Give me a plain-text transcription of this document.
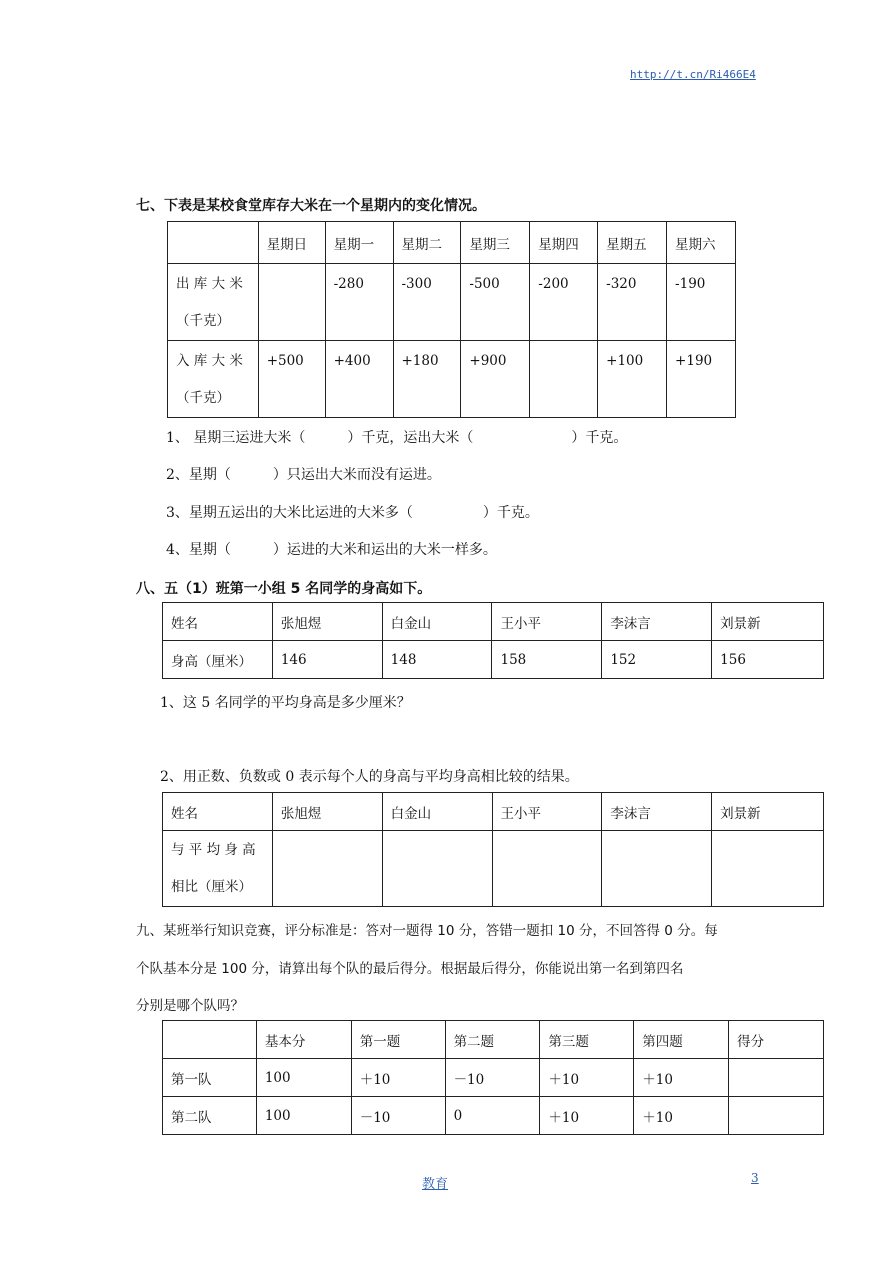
http://t.cn/Ri466E4
七、下表是某校食堂库存大米在一个星期内的变化情况。
	星期日	星期一	星期二	星期三	星期四	星期五	星期六

出 库 大 米
（千克）		-280	-300	-500	-200	-320	-190

入 库 大 米
（千克）	+500	+400	+180	+900		+100	+190
1、 星期三运进大米（　　　）千克，运出大米（　　　　　　　）千克。
2、星期（　　　）只运出大米而没有运进。
3、星期五运出的大米比运进的大米多（　　　　　）千克。
4、星期（　　　）运进的大米和运出的大米一样多。
八、五（1）班第一小组 5 名同学的身高如下。
姓名	张旭煜	白金山	王小平	李沫言	刘景新
身高（厘米）	146	148	158	152	156
1、这 5 名同学的平均身高是多少厘米？
2、用正数、负数或 0 表示每个人的身高与平均身高相比较的结果。
姓名	张旭煜	白金山	王小平	李沫言	刘景新

与 平 均 身 高
相比（厘米）					

九、某班举行知识竞赛，评分标准是：答对一题得 10 分，答错一题扣 10 分，不回答得 0 分。每
个队基本分是 100 分，请算出每个队的最后得分。根据最后得分，你能说出第一名到第四名
分别是哪个队吗？
	基本分	第一题	第二题	第三题	第四题	得分
第一队	100	＋10	－10	＋10	＋10	
第二队	100	－10	0	＋10	＋10	
教育	3
